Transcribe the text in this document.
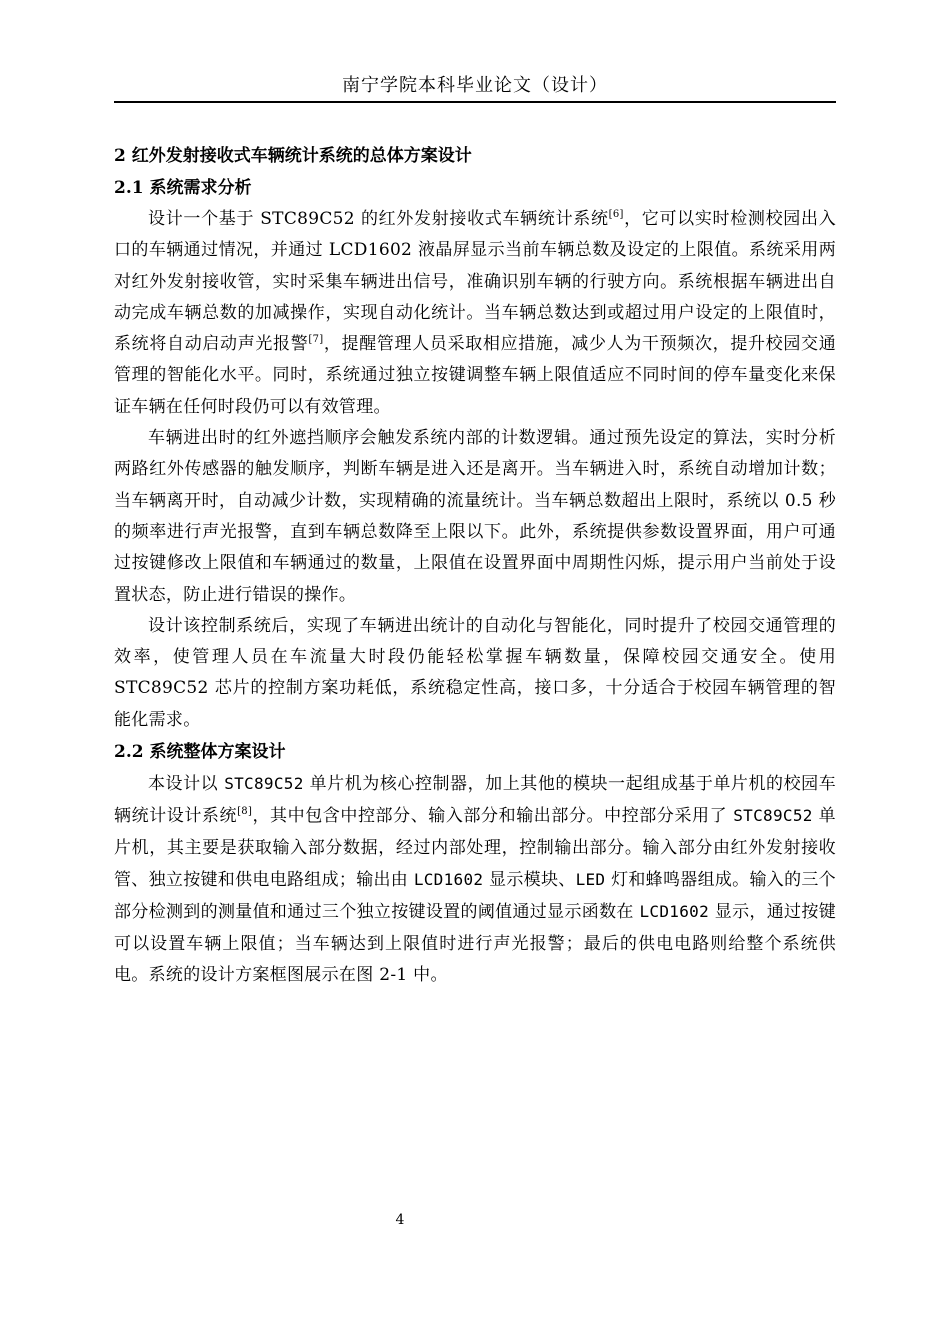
南宁学院本科毕业论文（设计）

2 红外发射接收式车辆统计系统的总体方案设计

2.1 系统需求分析

设计一个基于 STC89C52 的红外发射接收式车辆统计系统[6]，它可以实时检测校园出入口的车辆通过情况，并通过 LCD1602 液晶屏显示当前车辆总数及设定的上限值。系统采用两对红外发射接收管，实时采集车辆进出信号，准确识别车辆的行驶方向。系统根据车辆进出自动完成车辆总数的加减操作，实现自动化统计。当车辆总数达到或超过用户设定的上限值时，系统将自动启动声光报警[7]，提醒管理人员采取相应措施，减少人为干预频次，提升校园交通管理的智能化水平。同时，系统通过独立按键调整车辆上限值适应不同时间的停车量变化来保证车辆在任何时段仍可以有效管理。

车辆进出时的红外遮挡顺序会触发系统内部的计数逻辑。通过预先设定的算法，实时分析两路红外传感器的触发顺序，判断车辆是进入还是离开。当车辆进入时，系统自动增加计数；当车辆离开时，自动减少计数，实现精确的流量统计。当车辆总数超出上限时，系统以 0.5 秒的频率进行声光报警，直到车辆总数降至上限以下。此外，系统提供参数设置界面，用户可通过按键修改上限值和车辆通过的数量，上限值在设置界面中周期性闪烁，提示用户当前处于设置状态，防止进行错误的操作。

设计该控制系统后，实现了车辆进出统计的自动化与智能化，同时提升了校园交通管理的效率，使管理人员在车流量大时段仍能轻松掌握车辆数量，保障校园交通安全。使用 STC89C52 芯片的控制方案功耗低，系统稳定性高，接口多，十分适合于校园车辆管理的智能化需求。

2.2 系统整体方案设计

本设计以 STC89C52 单片机为核心控制器，加上其他的模块一起组成基于单片机的校园车辆统计设计系统[8]，其中包含中控部分、输入部分和输出部分。中控部分采用了 STC89C52 单片机，其主要是获取输入部分数据，经过内部处理，控制输出部分。输入部分由红外发射接收管、独立按键和供电电路组成；输出由 LCD1602 显示模块、LED 灯和蜂鸣器组成。输入的三个部分检测到的测量值和通过三个独立按键设置的阈值通过显示函数在 LCD1602 显示，通过按键可以设置车辆上限值；当车辆达到上限值时进行声光报警；最后的供电电路则给整个系统供电。系统的设计方案框图展示在图 2-1 中。

4
